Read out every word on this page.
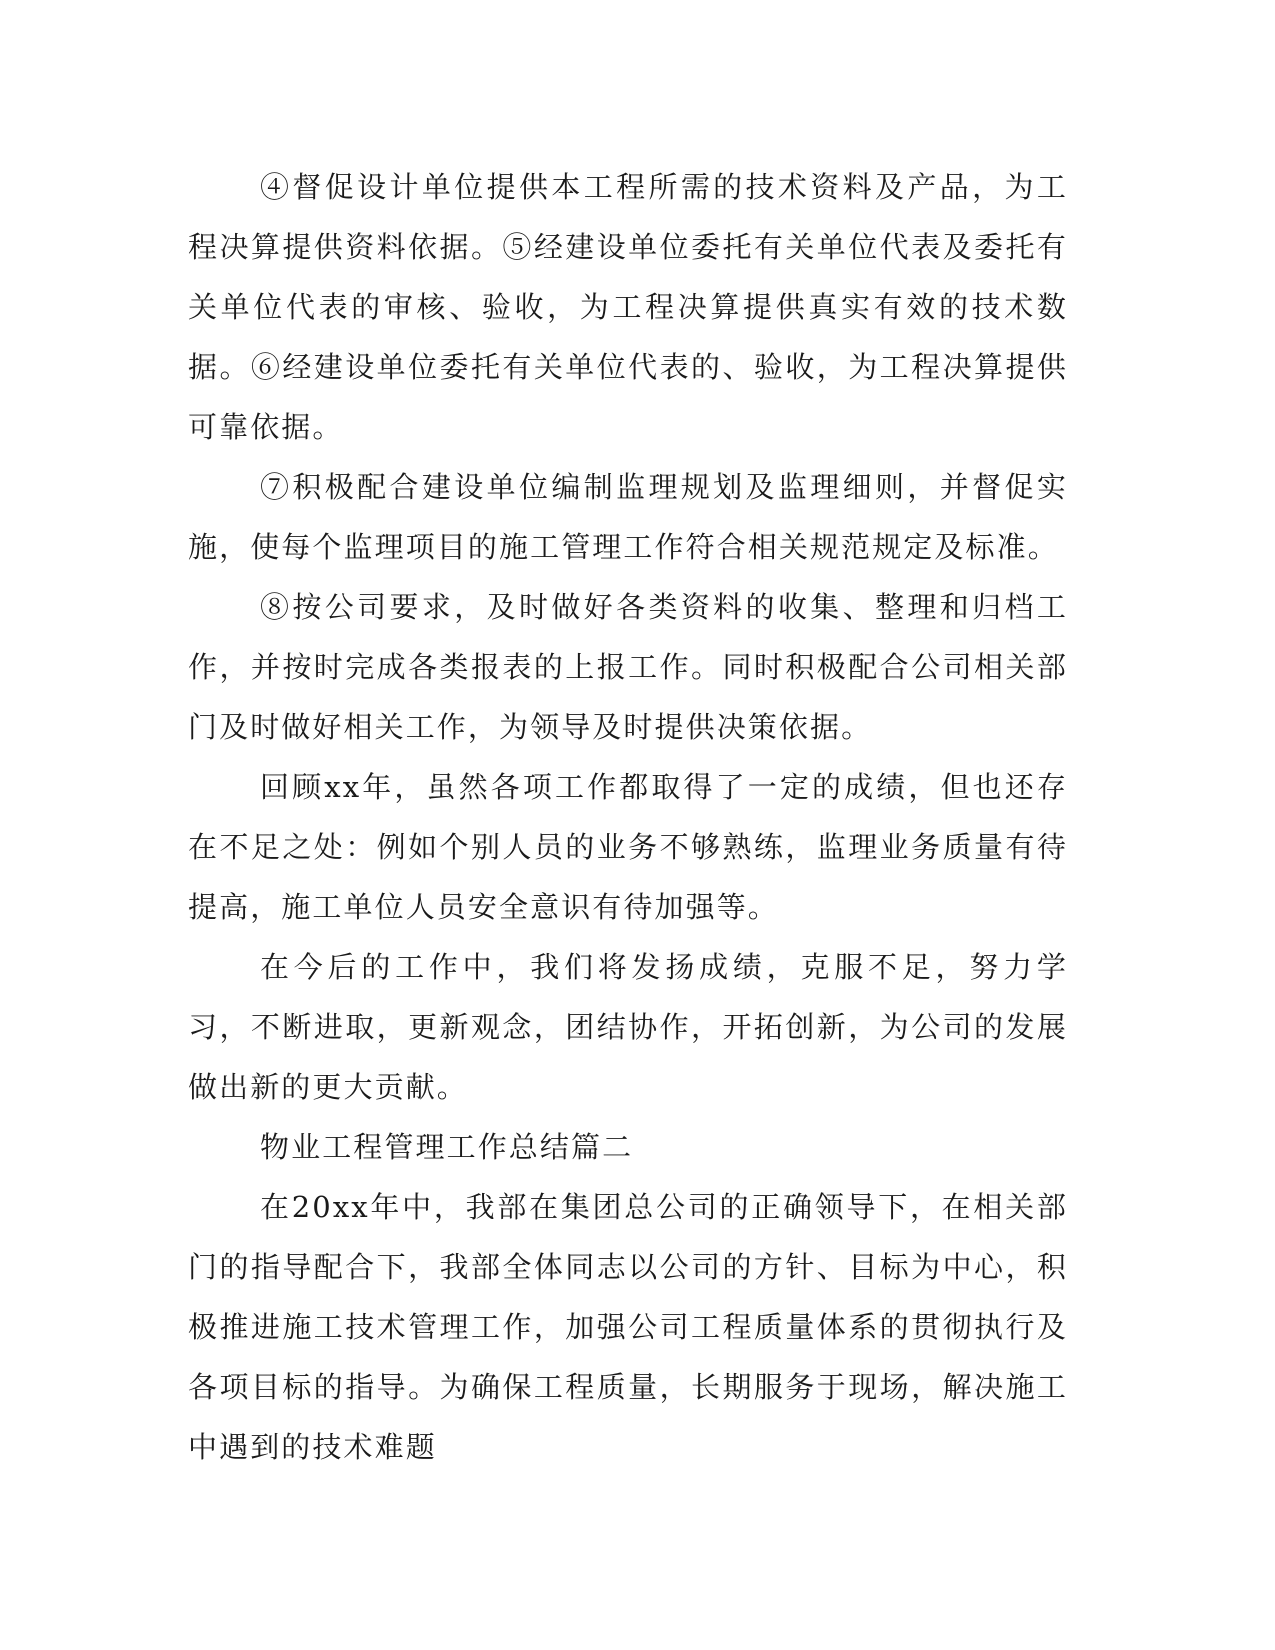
④督促设计单位提供本工程所需的技术资料及产品，为工程决算提供资料依据。⑤经建设单位委托有关单位代表及委托有关单位代表的审核、验收，为工程决算提供真实有效的技术数据。⑥经建设单位委托有关单位代表的、验收，为工程决算提供可靠依据。

⑦积极配合建设单位编制监理规划及监理细则，并督促实施，使每个监理项目的施工管理工作符合相关规范规定及标准。

⑧按公司要求，及时做好各类资料的收集、整理和归档工作，并按时完成各类报表的上报工作。同时积极配合公司相关部门及时做好相关工作，为领导及时提供决策依据。

回顾xx年，虽然各项工作都取得了一定的成绩，但也还存在不足之处：例如个别人员的业务不够熟练，监理业务质量有待提高，施工单位人员安全意识有待加强等。

在今后的工作中，我们将发扬成绩，克服不足，努力学习，不断进取，更新观念，团结协作，开拓创新，为公司的发展做出新的更大贡献。

物业工程管理工作总结篇二

在20xx年中，我部在集团总公司的正确领导下，在相关部门的指导配合下，我部全体同志以公司的方针、目标为中心，积极推进施工技术管理工作，加强公司工程质量体系的贯彻执行及各项目标的指导。为确保工程质量，长期服务于现场，解决施工中遇到的技术难题
